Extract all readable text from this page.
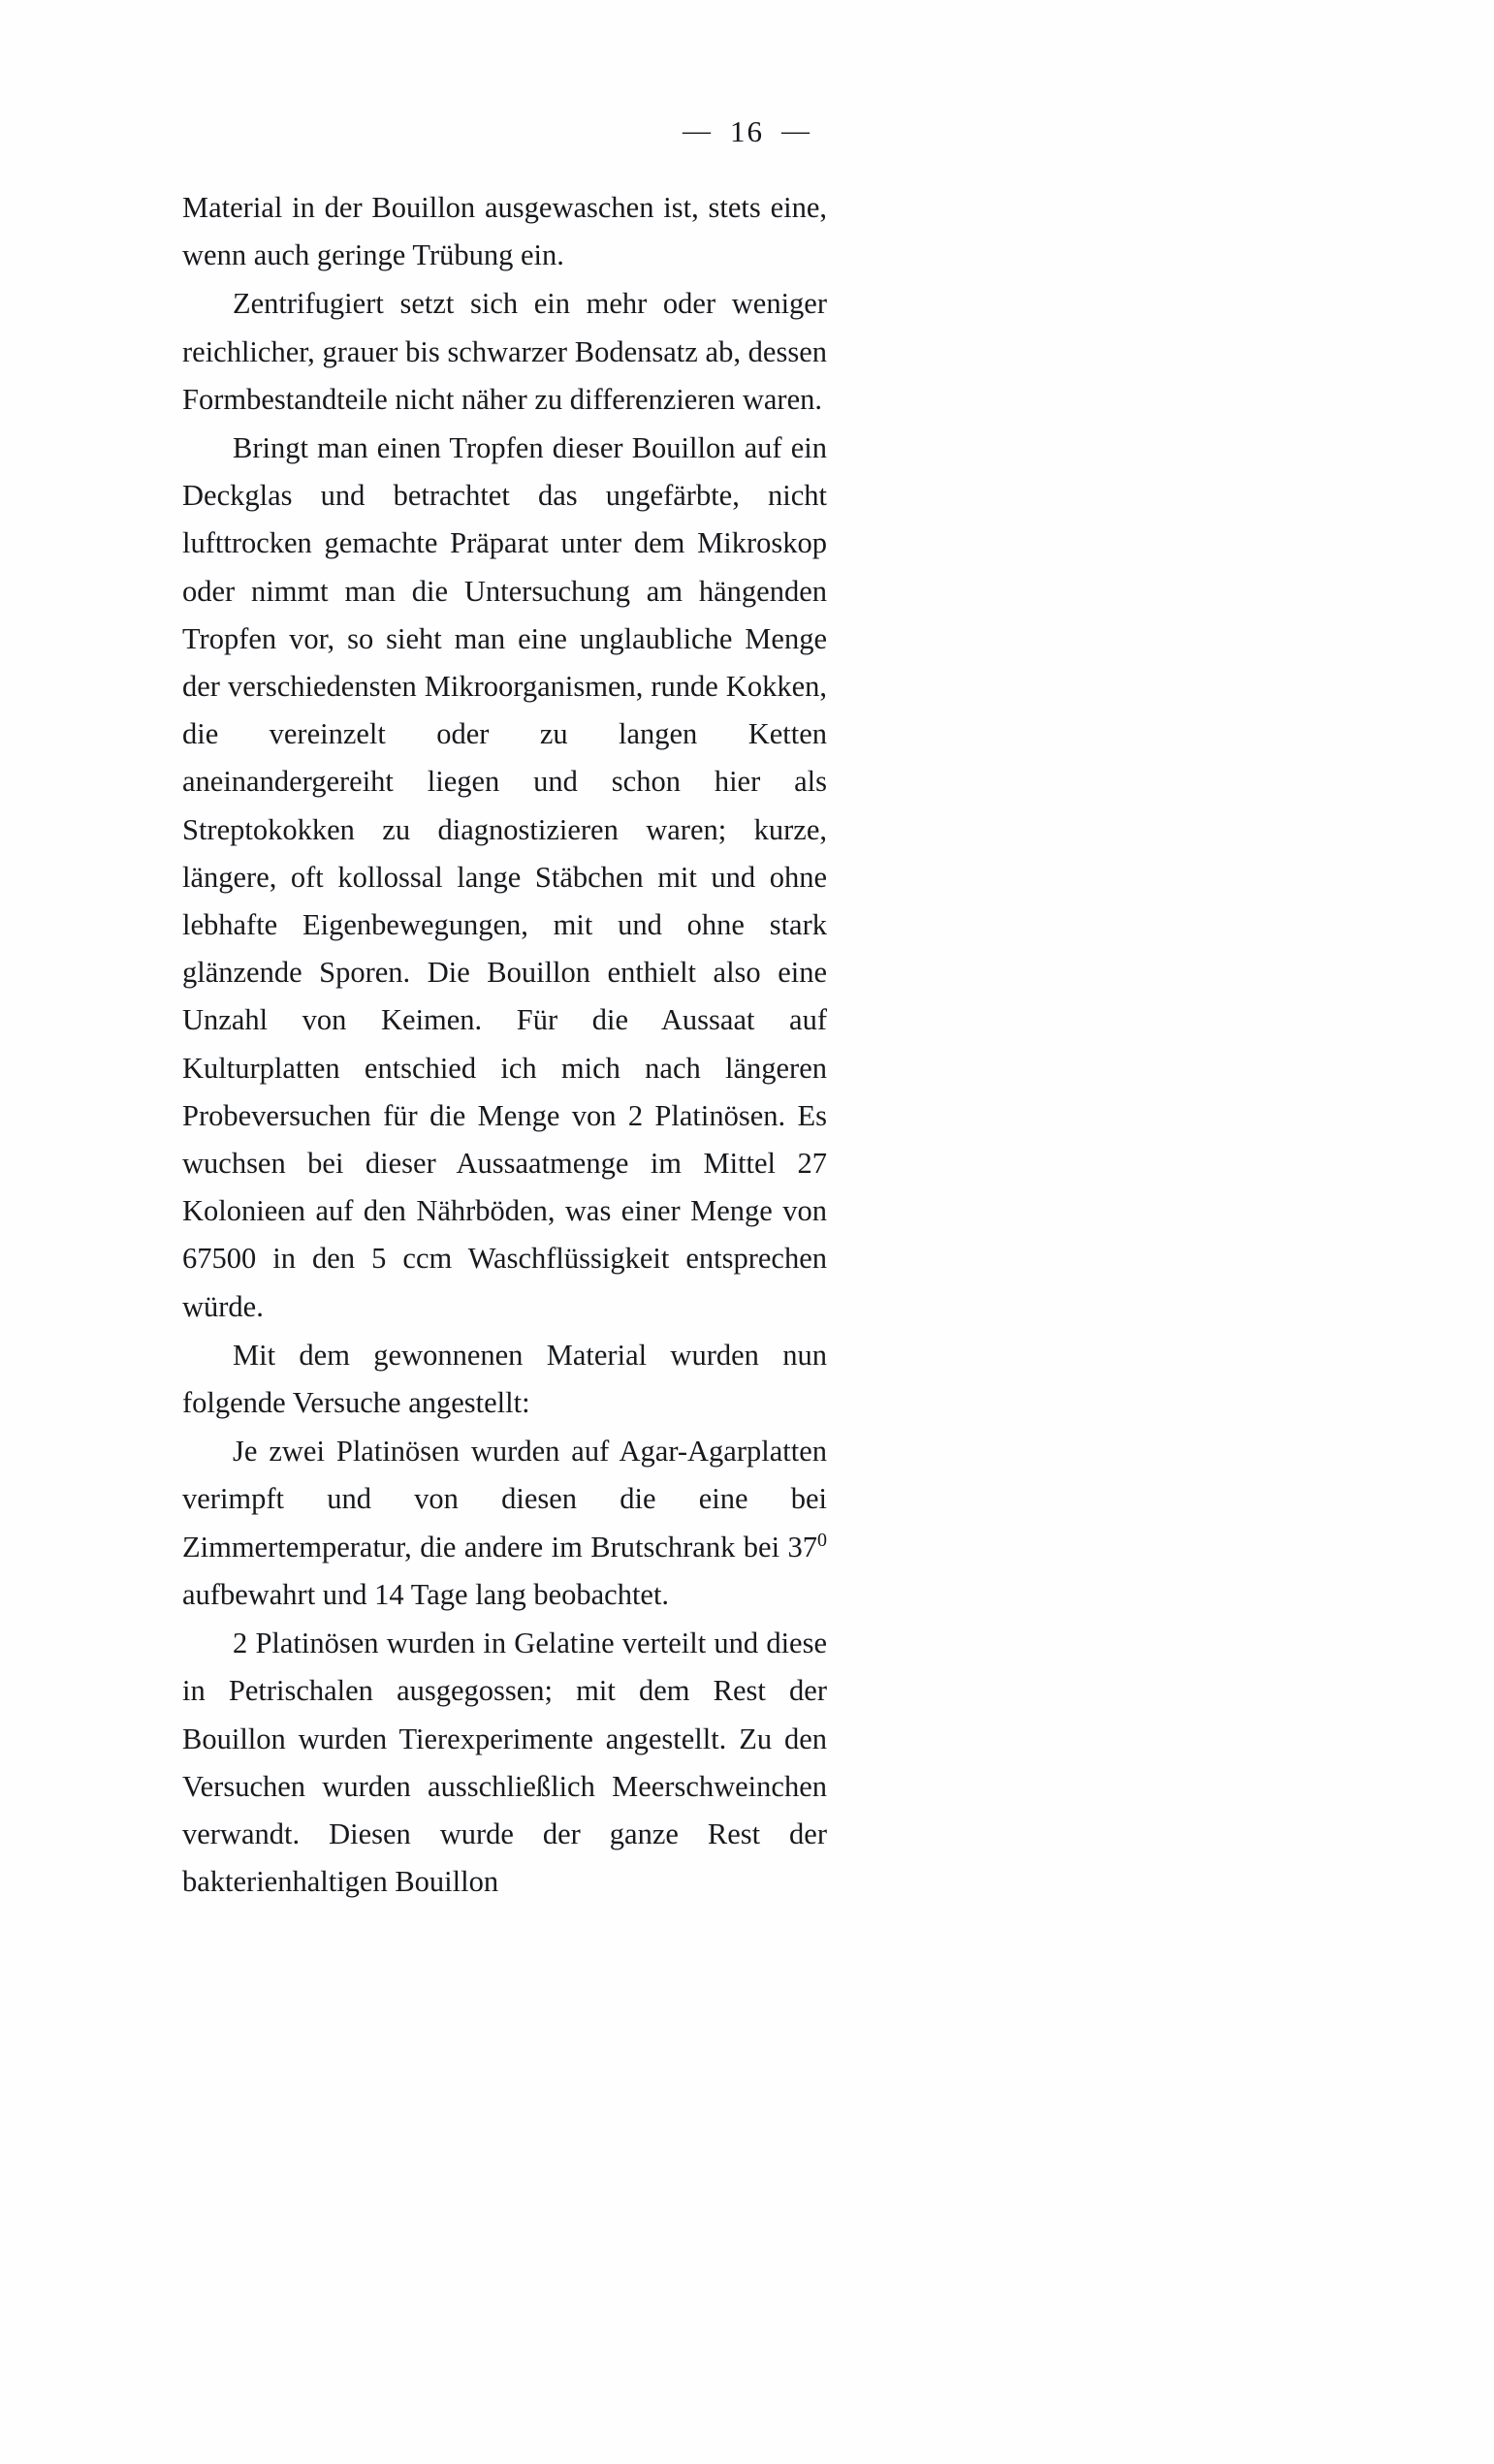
— 16 —

Material in der Bouillon ausgewaschen ist, stets eine, wenn auch geringe Trübung ein.

Zentrifugiert setzt sich ein mehr oder weniger reichlicher, grauer bis schwarzer Bodensatz ab, dessen Formbestandteile nicht näher zu differenzieren waren.

Bringt man einen Tropfen dieser Bouillon auf ein Deckglas und betrachtet das ungefärbte, nicht lufttrocken gemachte Präparat unter dem Mikroskop oder nimmt man die Untersuchung am hängenden Tropfen vor, so sieht man eine unglaubliche Menge der verschiedensten Mikroorganismen, runde Kokken, die vereinzelt oder zu langen Ketten aneinandergereiht liegen und schon hier als Streptokokken zu diagnostizieren waren; kurze, längere, oft kollossal lange Stäbchen mit und ohne lebhafte Eigenbewegungen, mit und ohne stark glänzende Sporen. Die Bouillon enthielt also eine Unzahl von Keimen. Für die Aussaat auf Kulturplatten entschied ich mich nach längeren Probeversuchen für die Menge von 2 Platinösen. Es wuchsen bei dieser Aussaatmenge im Mittel 27 Kolonieen auf den Nährböden, was einer Menge von 67500 in den 5 ccm Waschflüssigkeit entsprechen würde.

Mit dem gewonnenen Material wurden nun folgende Versuche angestellt:

Je zwei Platinösen wurden auf Agar-Agarplatten verimpft und von diesen die eine bei Zimmertemperatur, die andere im Brutschrank bei $37^0$ aufbewahrt und 14 Tage lang beobachtet.

2 Platinösen wurden in Gelatine verteilt und diese in Petrischalen ausgegossen; mit dem Rest der Bouillon wurden Tierexperimente angestellt. Zu den Versuchen wurden ausschließlich Meerschweinchen verwandt. Diesen wurde der ganze Rest der bakterienhaltigen Bouillon
